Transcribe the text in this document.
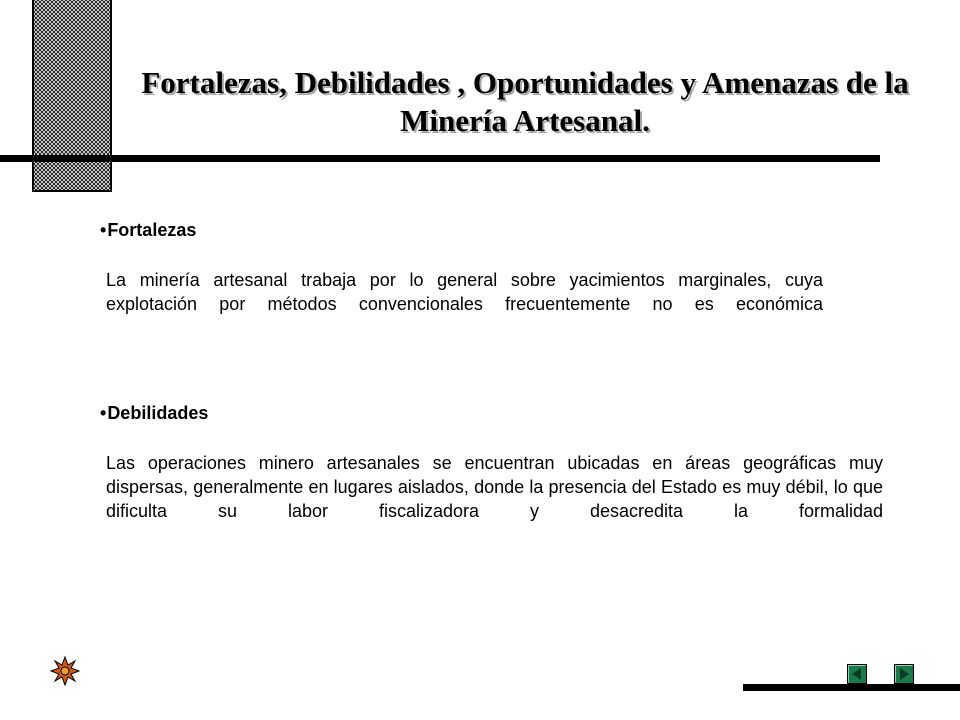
Fortalezas, Debilidades , Oportunidades y Amenazas de la
Minería Artesanal.
•Fortalezas
La minería artesanal trabaja por lo general sobre yacimientos marginales, cuya explotación por métodos convencionales frecuentemente no es económica
•Debilidades
Las operaciones minero artesanales se encuentran ubicadas en áreas geográficas muy dispersas, generalmente en lugares aislados, donde la presencia del Estado es muy débil, lo que dificulta su labor fiscalizadora y desacredita la formalidad
